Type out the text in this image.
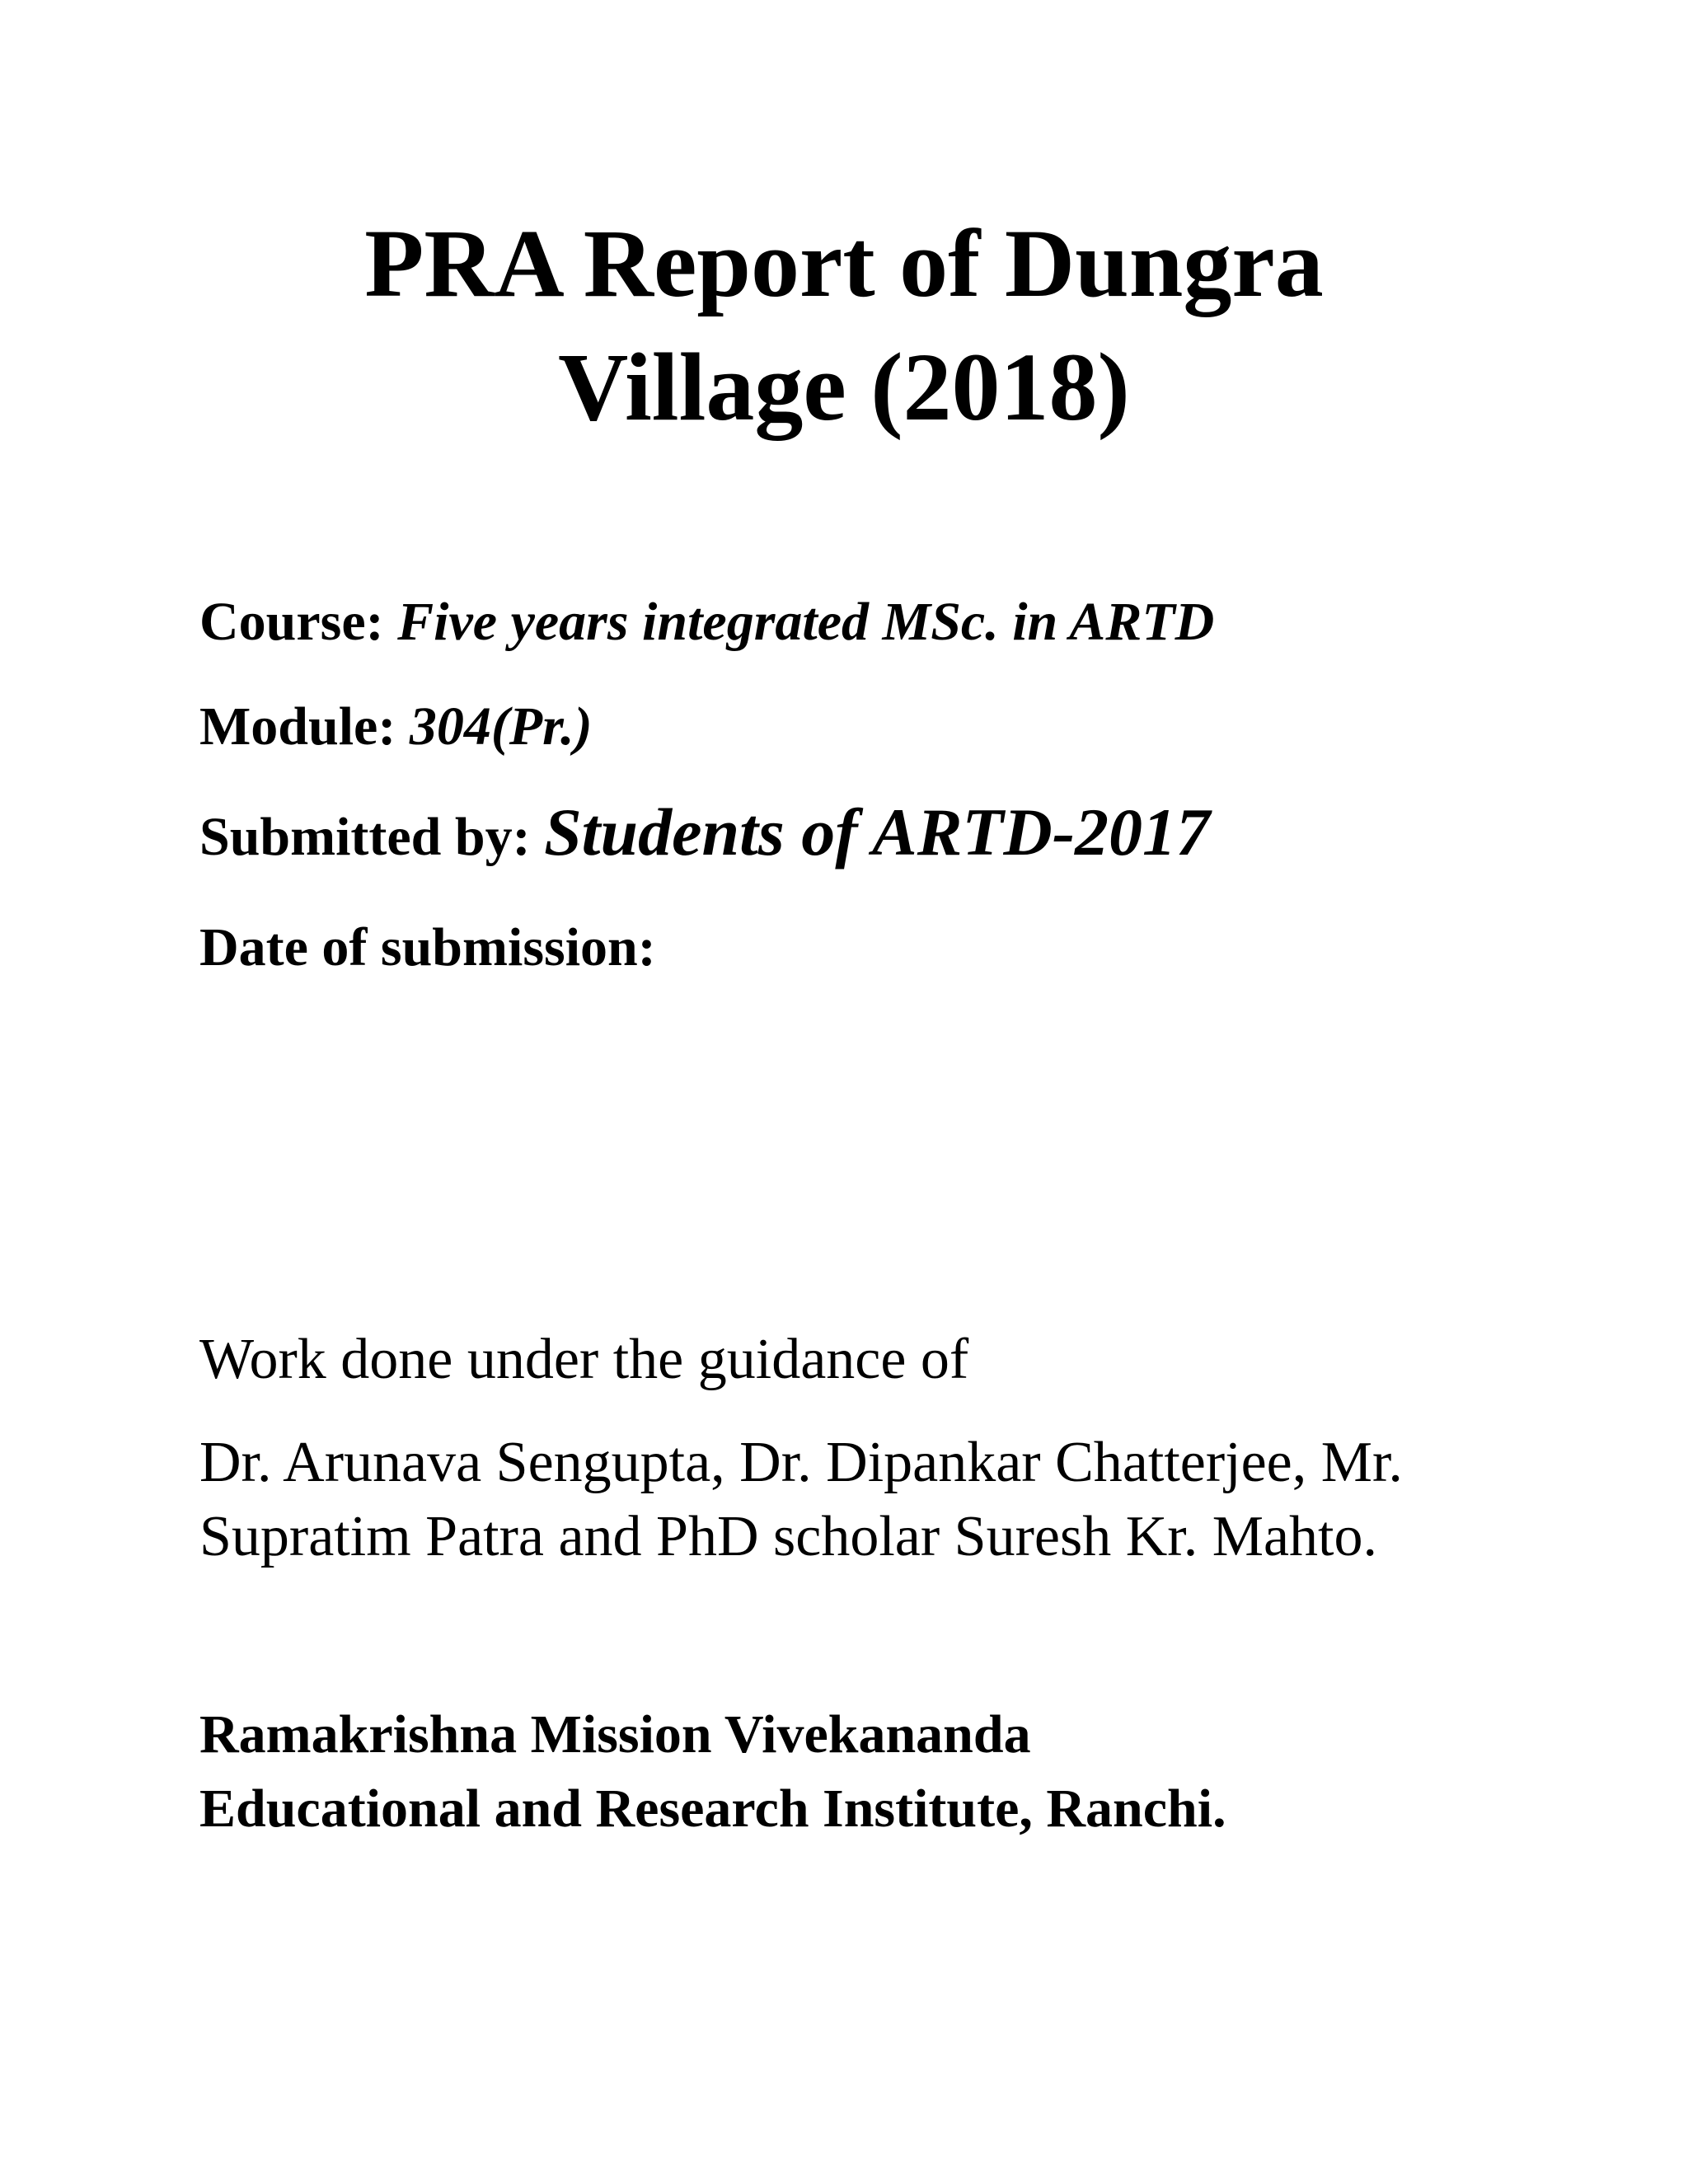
PRA Report of Dungra
Village (2018)
Course: Five years integrated MSc. in ARTD
Module: 304(Pr.)
Submitted by: Students of ARTD-2017
Date of submission:
Work done under the guidance of
Dr. Arunava Sengupta, Dr. Dipankar Chatterjee, Mr. Supratim Patra and PhD scholar Suresh Kr. Mahto.
Ramakrishna Mission Vivekananda
Educational and Research Institute, Ranchi.
